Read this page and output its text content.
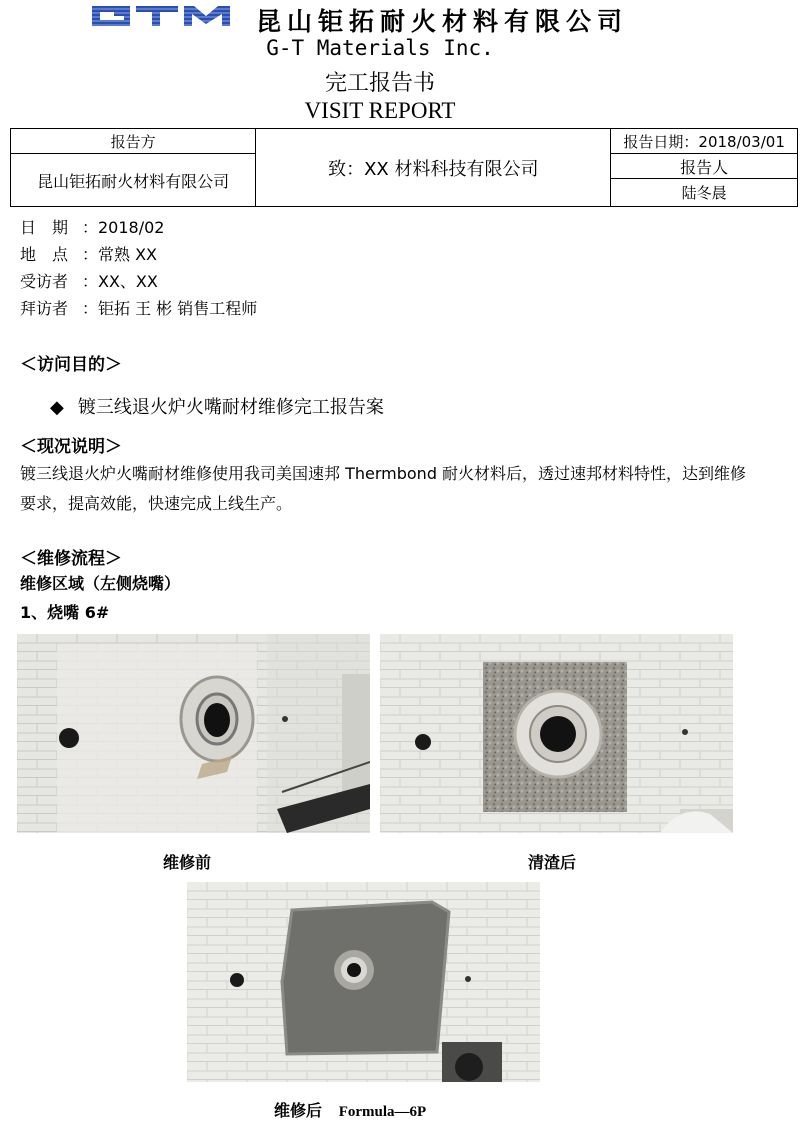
昆山钜拓耐火材料有限公司
G-T Materials Inc.
完工报告书
VISIT REPORT
报告方	致：XX 材料科技有限公司	报告日期：2018/03/01
昆山钜拓耐火材料有限公司		报告人
		陆冬晨
日　期 ：2018/02
地　点 ：常熟 XX
受访者 ：XX、XX
拜访者 ：钜拓 王 彬 销售工程师
＜访问目的＞
◆ 镀三线退火炉火嘴耐材维修完工报告案
＜现况说明＞
镀三线退火炉火嘴耐材维修使用我司美国速邦 Thermbond 耐火材料后，透过速邦材料特性，达到维修要求，提高效能，快速完成上线生产。
＜维修流程＞
维修区域（左侧烧嘴）
1、烧嘴 6#
维修前	清渣后
维修后 Formula—6P
